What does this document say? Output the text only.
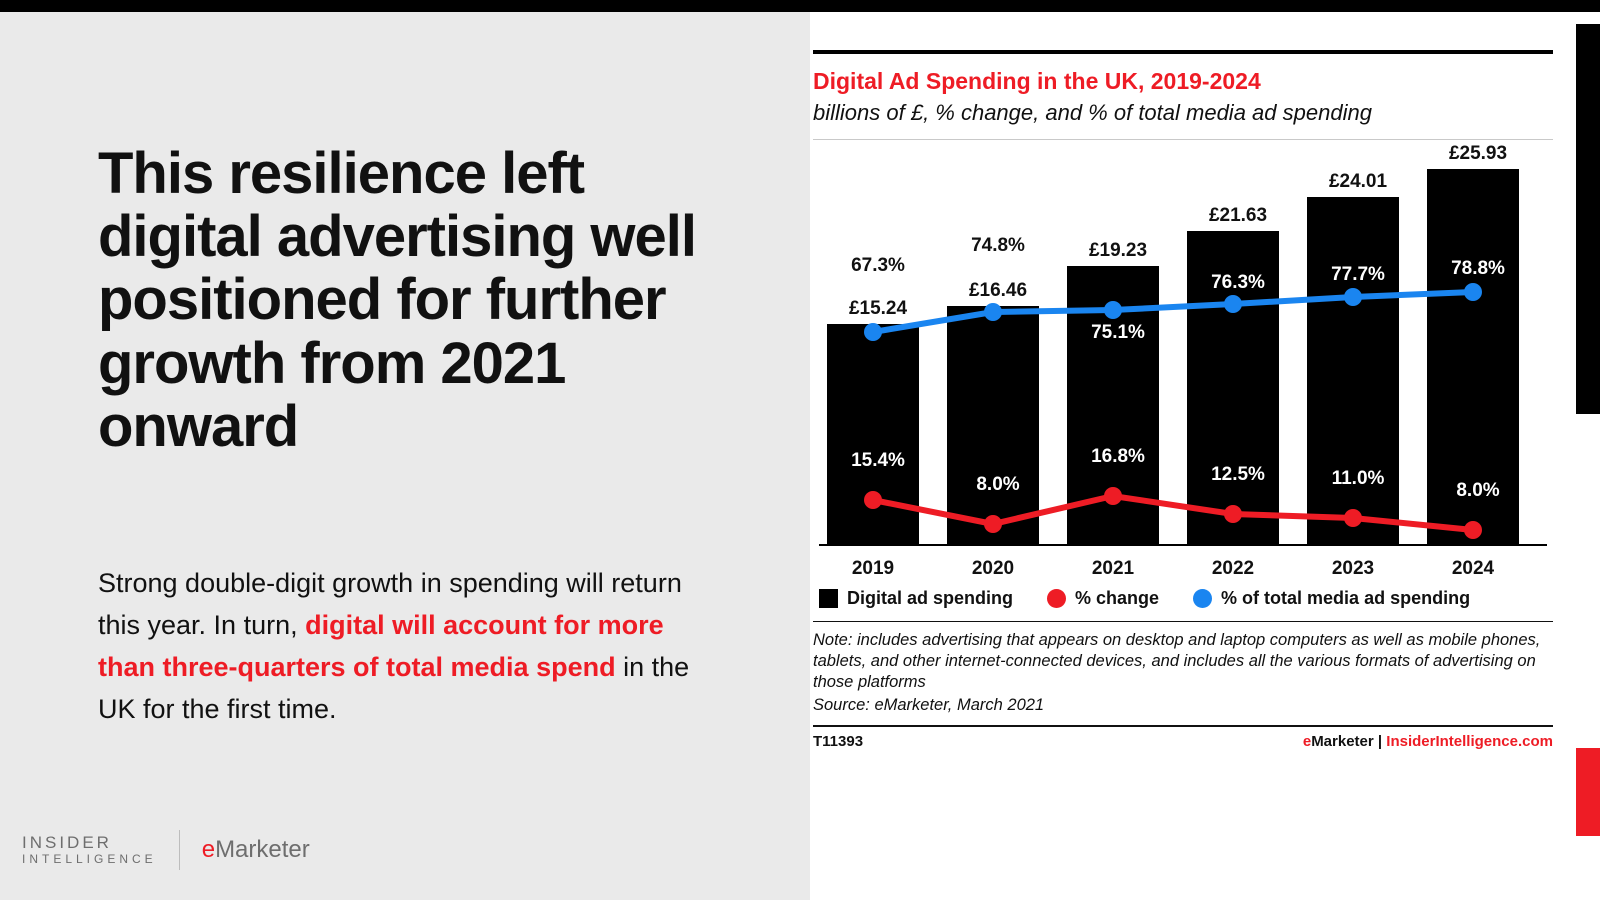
This resilience left digital advertising well positioned for further growth from 2021 onward
Strong double-digit growth in spending will return this year. In turn, digital will account for more than three-quarters of total media spend in the UK for the first time.
INSIDER
INTELLIGENCE eMarketer
Digital Ad Spending in the UK, 2019-2024
billions of £, % change, and % of total media ad spending
£15.24
£16.46
£19.23
£21.63
£24.01
£25.93
67.3%
74.8%
75.1%
76.3%	77.7%	78.8%
15.4%
8.0%
16.8%
12.5%	11.0%
8.0%
2019	2020	2021	2022	2023	2024
Digital ad spending	% change	% of total media ad spending
Note: includes advertising that appears on desktop and laptop computers as well as mobile phones, tablets, and other internet-connected devices, and includes all the various formats of advertising on those platforms
Source: eMarketer, March 2021
T11393	eMarketer | InsiderIntelligence.com
